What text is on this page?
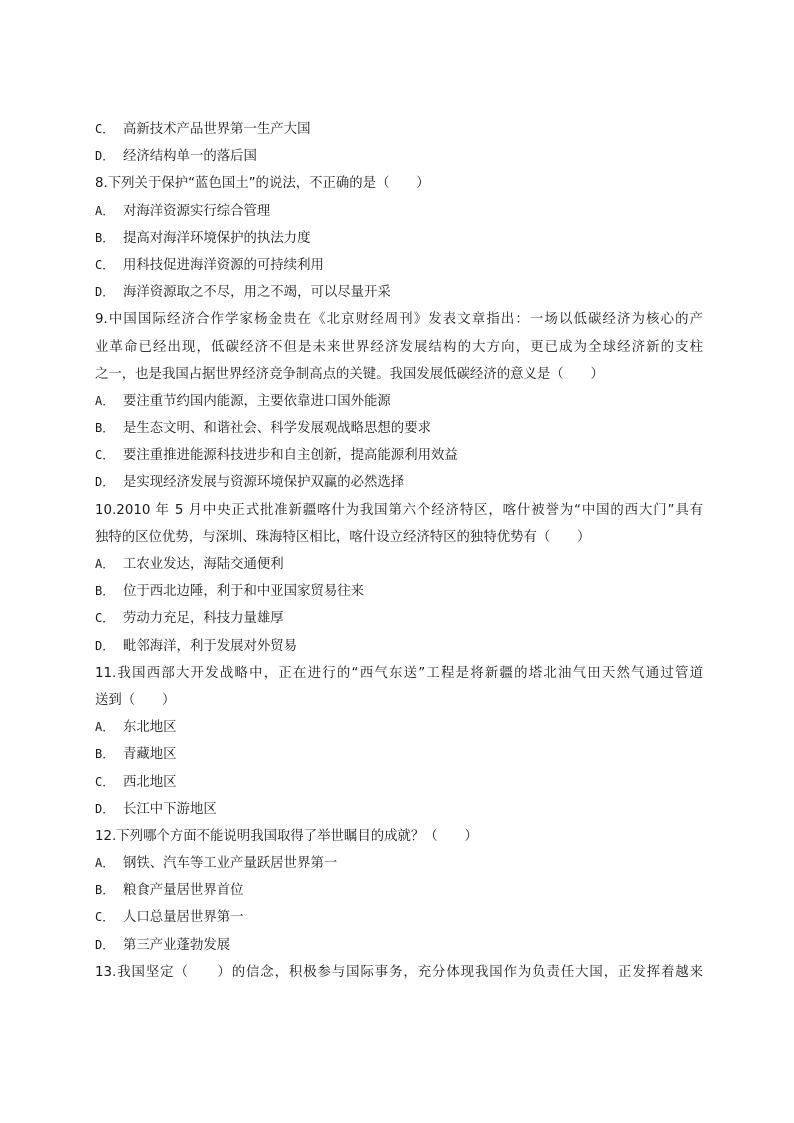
C． 高新技术产品世界第一生产大国
D． 经济结构单一的落后国
8.下列关于保护“蓝色国土”的说法，不正确的是（　　）
A． 对海洋资源实行综合管理
B． 提高对海洋环境保护的执法力度
C． 用科技促进海洋资源的可持续利用
D． 海洋资源取之不尽，用之不竭，可以尽量开采
9.中国国际经济合作学家杨金贵在《北京财经周刊》发表文章指出：一场以低碳经济为核心的产
业革命已经出现，低碳经济不但是未来世界经济发展结构的大方向，更已成为全球经济新的支柱
之一，也是我国占据世界经济竞争制高点的关键。我国发展低碳经济的意义是（　　）
A． 要注重节约国内能源，主要依靠进口国外能源
B． 是生态文明、和谐社会、科学发展观战略思想的要求
C． 要注重推进能源科技进步和自主创新，提高能源利用效益
D． 是实现经济发展与资源环境保护双赢的必然选择
10.2010 年 5 月中央正式批准新疆喀什为我国第六个经济特区，喀什被誉为“中国的西大门”具有
独特的区位优势，与深圳、珠海特区相比，喀什设立经济特区的独特优势有（　　）
A． 工农业发达，海陆交通便利
B． 位于西北边陲，利于和中亚国家贸易往来
C． 劳动力充足，科技力量雄厚
D． 毗邻海洋，利于发展对外贸易
11.我国西部大开发战略中，正在进行的“西气东送”工程是将新疆的塔北油气田天然气通过管道
送到（　　）
A． 东北地区
B． 青藏地区
C． 西北地区
D． 长江中下游地区
12.下列哪个方面不能说明我国取得了举世瞩目的成就？（　　）
A． 钢铁、汽车等工业产量跃居世界第一
B． 粮食产量居世界首位
C． 人口总量居世界第一
D． 第三产业蓬勃发展
13.我国坚定（　　）的信念，积极参与国际事务，充分体现我国作为负责任大国，正发挥着越来
